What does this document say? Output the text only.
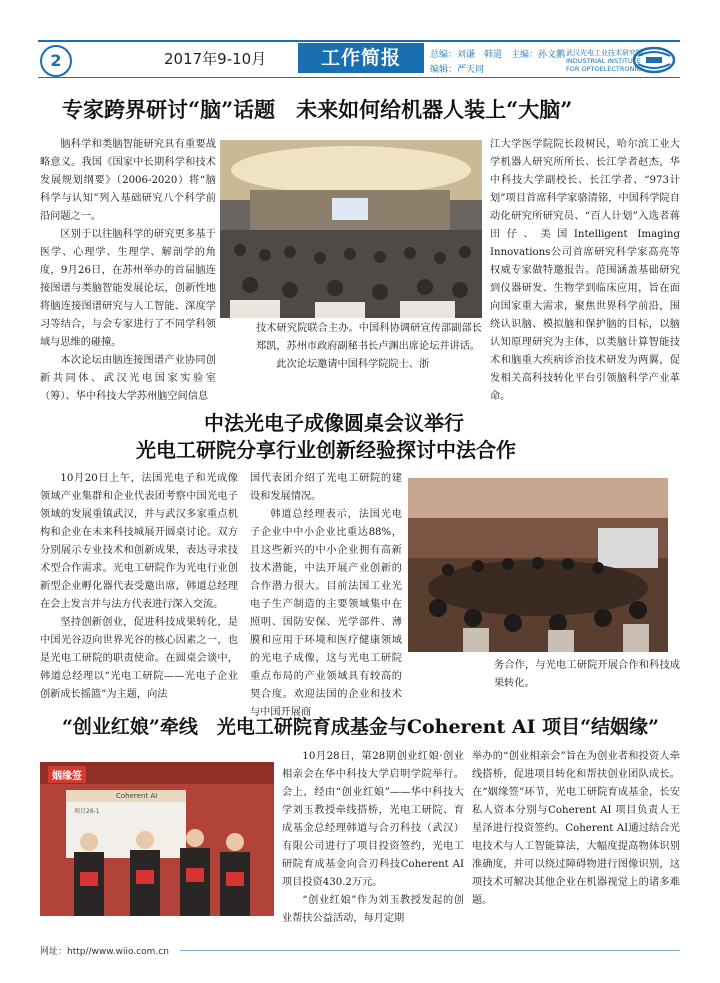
2	2017年9-10月	工作简报	总编：刘谦　韩道　主编：孙文鹏
编辑：严天同
武汉光电工业技术研究院
INDUSTRIAL INSTITUTE
FOR OPTOELECTRONICS
专家跨界研讨“脑”话题　未来如何给机器人装上“大脑”

脑科学和类脑智能研究具有重要战略意义。我国《国家中长期科学和技术发展规划纲要》（2006-2020）将“脑科学与认知”列入基础研究八个科学前沿问题之一。

区别于以往脑科学的研究更多基于医学、心理学、生理学、解剖学的角度，9月26日，在苏州举办的首届脑连接图谱与类脑智能发展论坛，创新性地将脑连接图谱研究与人工智能、深度学习等结合，与会专家进行了不同学科领域与思维的碰撞。

本次论坛由脑连接图谱产业协同创新共同体、武汉光电国家实验室（筹）、华中科技大学苏州脑空间信息

技术研究院联合主办。中国科协调研宣传部副部长郑凯，苏州市政府副秘书长卢渊出席论坛并讲话。

此次论坛邀请中国科学院院士、浙

江大学医学院院长段树民，哈尔滨工业大学机器人研究所所长、长江学者赵杰，华中科技大学副校长、长江学者、“973计划”项目首席科学家骆清铭，中国科学院自动化研究所研究员、“百人计划”入选者蒋田仔、美国Intelligent Imaging Innovations公司首席研究科学家高亮等权威专家做特邀报告。范围涵盖基础研究到仪器研发、生物学到临床应用，旨在面向国家重大需求，聚焦世界科学前沿，围绕认识脑、模拟脑和保护脑的目标，以脑认知原理研究为主体，以类脑计算智能技术和脑重大疾病诊治技术研发为两翼，促发相关高科技转化平台引领脑科学产业革命。

中法光电子成像圆桌会议举行
光电工研院分享行业创新经验探讨中法合作

10月20日上午，法国光电子和光成像领域产业集群和企业代表团考察中国光电子领域的发展重镇武汉，并与武汉多家重点机构和企业在未来科技城展开圆桌讨论。双方分别展示专业技术和创新成果，表达寻求技术型合作需求。光电工研院作为光电行业创新型企业孵化器代表受邀出席，韩道总经理在会上发言并与法方代表进行深入交流。

坚持创新创业，促进科技成果转化，是中国光谷迈向世界光谷的核心因素之一，也是光电工研院的职责使命。在圆桌会谈中，韩道总经理以“光电工研院——光电子企业创新成长摇篮”为主题，向法

国代表团介绍了光电工研院的建设和发展情况。

韩道总经理表示，法国光电子企业中中小企业比重达88%，且这些新兴的中小企业拥有高新技术潜能，中法开展产业创新的合作潜力很大。目前法国工业光电子生产制造的主要领域集中在照明、国防安保、光学部件、薄膜和应用于环境和医疗健康领域的光电子成像，这与光电工研院重点布局的产业领域具有较高的契合度。欢迎法国的企业和技术与中国开展商

务合作，与光电工研院开展合作和科技成果转化。

“创业红娘”牵线　光电工研院育成基金与Coherent AI 项目“结姻缘”
姻缘签
项目26-1
Coherent AI

10月28日，第28期创业红娘·创业相亲会在华中科技大学启明学院举行。会上，经由“创业红娘”——华中科技大学刘玉教授牵线搭桥，光电工研院、育成基金总经理韩道与合刃科技（武汉）有限公司进行了项目投资签约，光电工研院育成基金向合刃科技Coherent AI 项目投资430.2万元。

“创业红娘”作为刘玉教授发起的创业帮扶公益活动，每月定期

举办的“创业相亲会”旨在为创业者和投资人牵线搭桥，促进项目转化和帮扶创业团队成长。在“姻缘签”环节，光电工研院育成基金，长安私人资本分别与Coherent AI 项目负责人王星泽进行投资签约。Coherent AI通过结合光电技术与人工智能算法，大幅度提高物体识别准确度，并可以绕过障碍物进行图像识别，这项技术可解决其他企业在机器视觉上的诸多难题。

网址：http//www.wiio.com.cn
